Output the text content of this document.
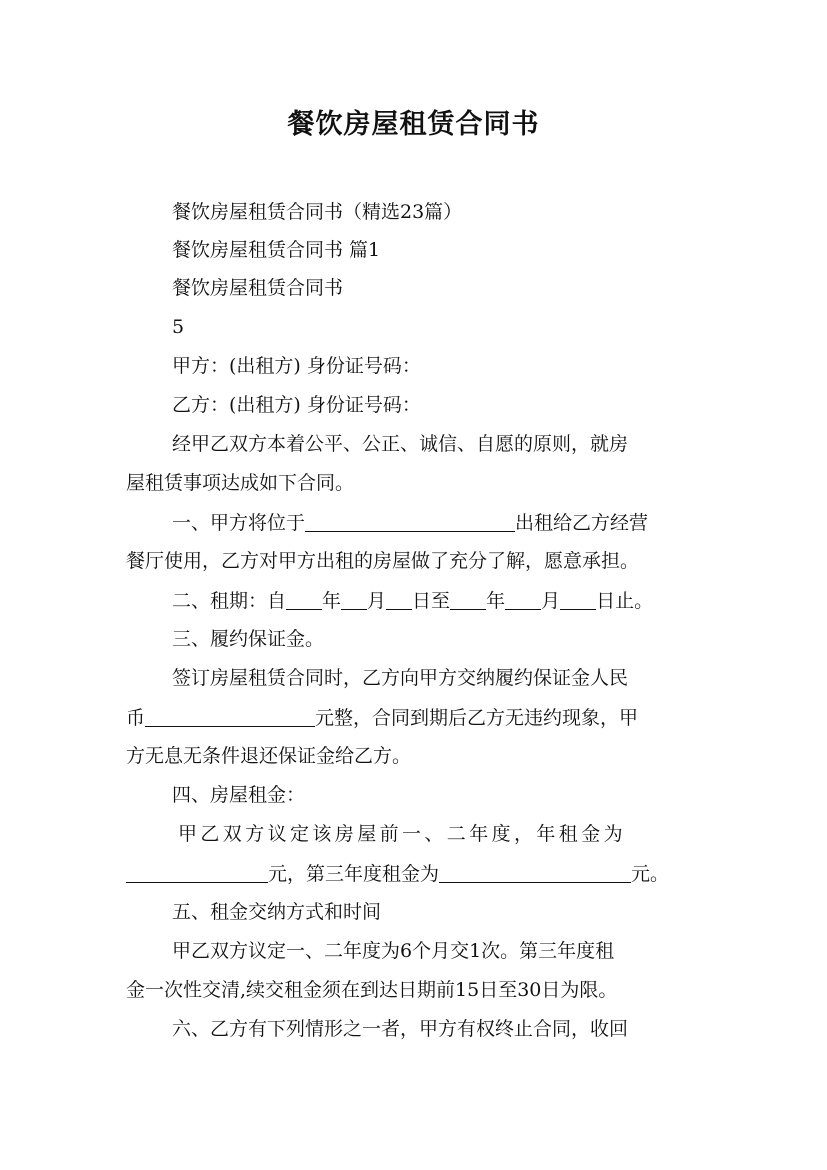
餐饮房屋租赁合同书
餐饮房屋租赁合同书（精选23篇）
餐饮房屋租赁合同书 篇1
餐饮房屋租赁合同书
5
甲方：(出租方) 身份证号码：
乙方：(出租方) 身份证号码：
经甲乙双方本着公平、公正、诚信、自愿的原则，就房
屋租赁事项达成如下合同。
一、甲方将位于	出租给乙方经营
餐厅使用，乙方对甲方出租的房屋做了充分了解，愿意承担。
二、租期：自 年 月 日至 年 月 日止。
三、履约保证金。
签订房屋租赁合同时，乙方向甲方交纳履约保证金人民
币	元整，合同到期后乙方无违约现象，甲
方无息无条件退还保证金给乙方。
四、房屋租金：
甲乙双方议定该房屋前一、二年度，年租金为
元，第三年度租金为	元。
五、租金交纳方式和时间
甲乙双方议定一、二年度为6个月交1次。第三年度租
金一次性交清,续交租金须在到达日期前15日至30日为限。
六、乙方有下列情形之一者，甲方有权终止合同，收回
